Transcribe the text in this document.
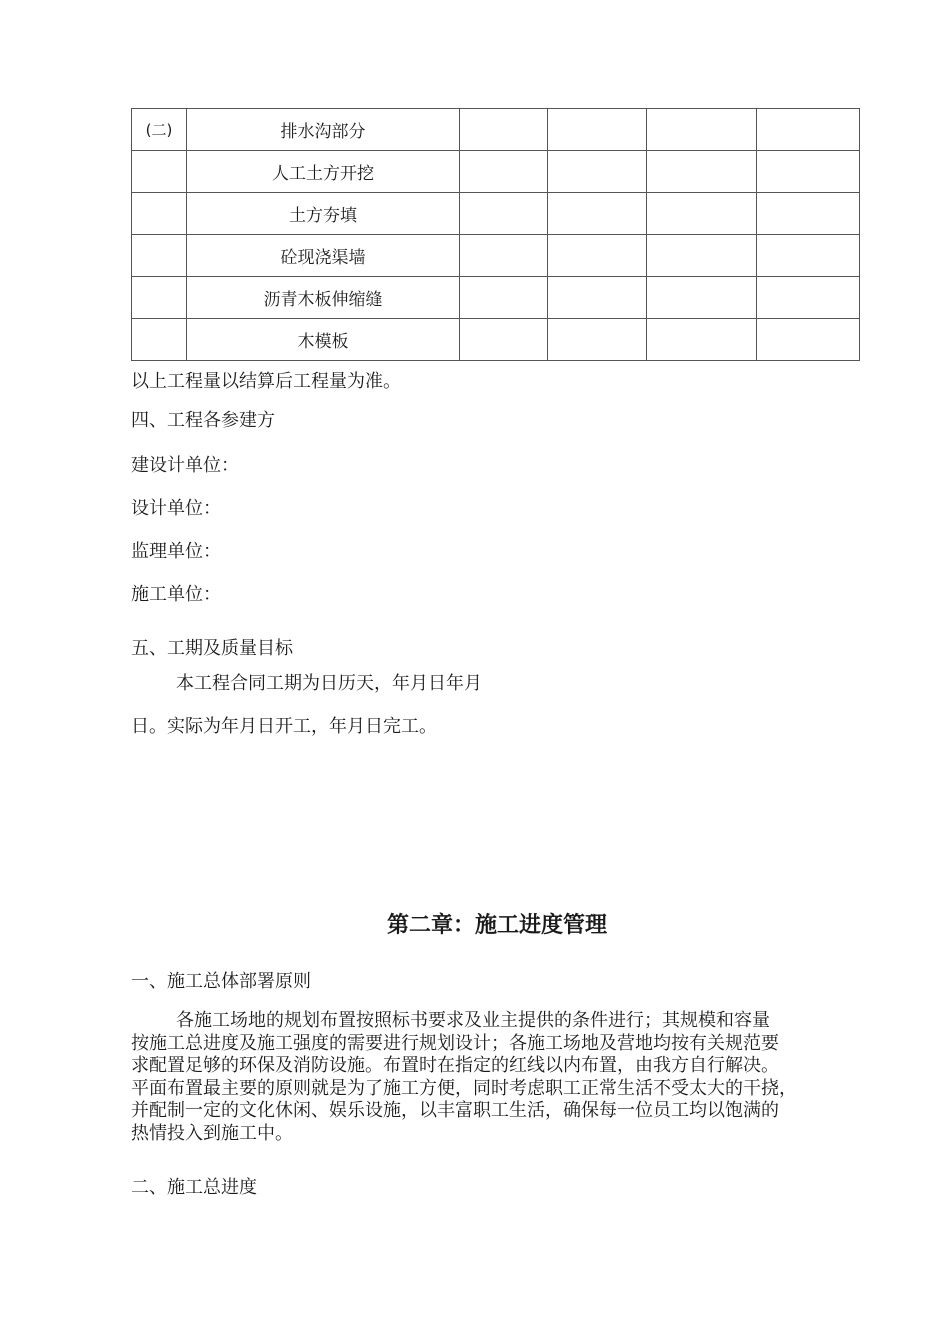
(二)	排水沟部分				
	人工土方开挖				
	土方夯填				
	砼现浇渠墙				
	沥青木板伸缩缝				
	木模板				
以上工程量以结算后工程量为准。
四、工程各参建方
建设计单位：
设计单位：
监理单位：
施工单位：
五、工期及质量目标
本工程合同工期为日历天，年月日年月
日。实际为年月日开工，年月日完工。
第二章：施工进度管理
一、施工总体部署原则
各施工场地的规划布置按照标书要求及业主提供的条件进行；其规模和容量
按施工总进度及施工强度的需要进行规划设计；各施工场地及营地均按有关规范要
求配置足够的环保及消防设施。布置时在指定的红线以内布置，由我方自行解决。
平面布置最主要的原则就是为了施工方便，同时考虑职工正常生活不受太大的干挠，
并配制一定的文化休闲、娱乐设施，以丰富职工生活，确保每一位员工均以饱满的
热情投入到施工中。
二、施工总进度
